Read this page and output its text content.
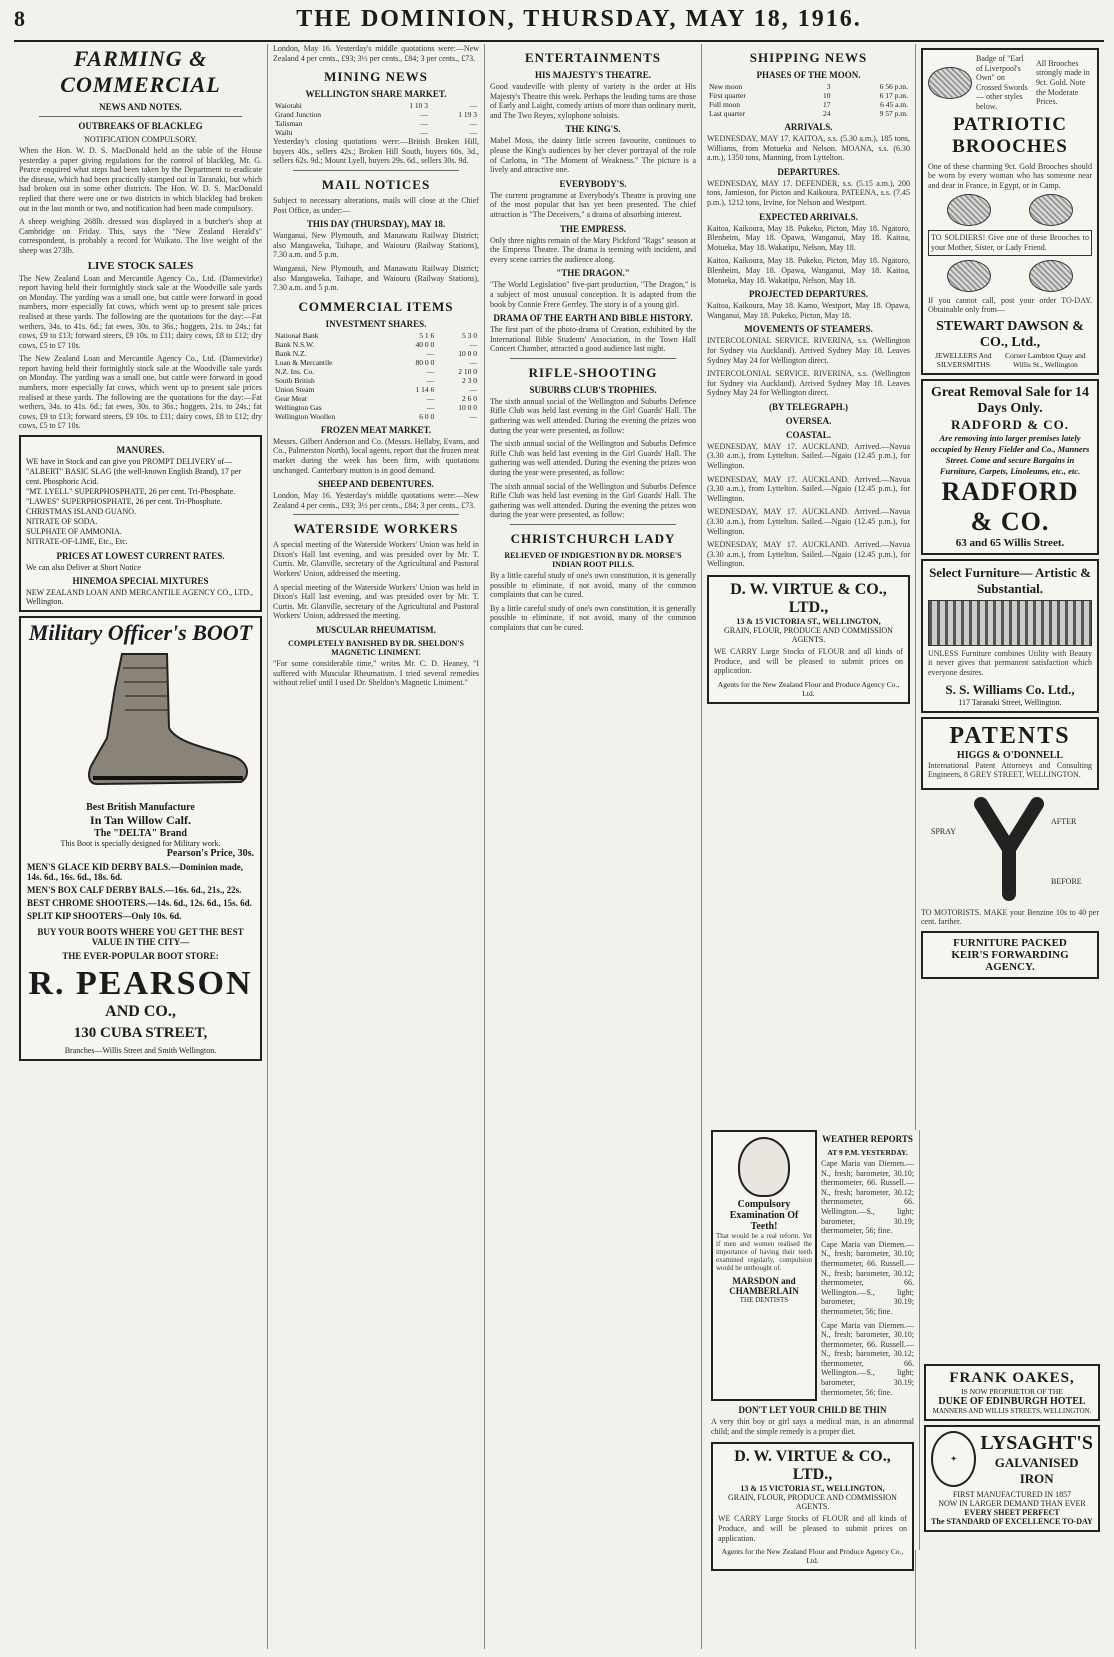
8	THE DOMINION, THURSDAY, MAY 18, 1916.
FARMING & COMMERCIAL
NEWS AND NOTES.
OUTBREAKS OF BLACKLEG
NOTIFICATION COMPULSORY.

When the Hon. W. D. S. MacDonald held an the table of the House yesterday a paper giving regulations for the control of blackleg, Mr. G. Pearce enquired what steps had been taken by the Department to eradicate the disease, which had been practically stamped out in Taranaki, but which had broken out in some other districts. The Hon. W. D. S. MacDonald replied that there were one or two districts in which blackleg had broken out in the last month or two, and notification had been made compulsory.

A sheep weighing 268lb. dressed was displayed in a butcher's shop at Cambridge on Friday. This, says the "New Zealand Herald's" correspondent, is probably a record for Waikato. The live weight of the sheep was 273lb.

LIVE STOCK SALES

The New Zealand Loan and Mercantile Agency Co., Ltd. (Dannevirke) report having held their fortnightly stock sale at the Woodville sale yards on Monday. The yarding was a small one, but cattle were forward in good numbers, more especially fat cows, which went up to present sale prices realised at these yards. The following are the quotations for the day:—Fat wethers, 34s. to 41s. 6d.; fat ewes, 30s. to 36s.; hoggets, 21s. to 24s.; fat cows, £9 to £13; forward steers, £9 10s. to £11; dairy cows, £8 to £12; dry cows, £5 to £7 10s.

The New Zealand Loan and Mercantile Agency Co., Ltd. (Dannevirke) report having held their fortnightly stock sale at the Woodville sale yards on Monday. The yarding was a small one, but cattle were forward in good numbers, more especially fat cows, which went up to present sale prices realised at these yards. The following are the quotations for the day:—Fat wethers, 34s. to 41s. 6d.; fat ewes, 30s. to 36s.; hoggets, 21s. to 24s.; fat cows, £9 to £13; forward steers, £9 10s. to £11; dairy cows, £8 to £12; dry cows, £5 to £7 10s.

MANURES.
WE have in Stock and can give you PROMPT DELIVERY of—
"ALBERT" BASIC SLAG (the well-known English Brand), 17 per cent. Phosphoric Acid.
"MT. LYELL" SUPERPHOSPHATE, 26 per cent. Tri-Phosphate.
"LAWES" SUPERPHOSPHATE, 26 per cent. Tri-Phosphate.
CHRISTMAS ISLAND GUANO.
NITRATE OF SODA.
SULPHATE OF AMMONIA.
NITRATE-OF-LIME, Etc., Etc.
PRICES AT LOWEST CURRENT RATES.
We can also Deliver at Short Notice
HINEMOA SPECIAL MIXTURES
NEW ZEALAND LOAN AND MERCANTILE AGENCY CO., LTD., Wellington.
Military Officer's BOOT
Best British Manufacture
In Tan Willow Calf.
The "DELTA" Brand
This Boot is specially designed for Military work.
Pearson's Price, 30s.
MEN'S GLACE KID DERBY BALS.—Dominion made, 14s. 6d., 16s. 6d., 18s. 6d.
MEN'S BOX CALF DERBY BALS.—16s. 6d., 21s., 22s.
BEST CHROME SHOOTERS.—14s. 6d., 12s. 6d., 15s. 6d.
SPLIT KIP SHOOTERS—Only 10s. 6d.
BUY YOUR BOOTS WHERE YOU GET THE BEST VALUE IN THE CITY—
THE EVER-POPULAR BOOT STORE:
R. PEARSON
AND CO.,
130 CUBA STREET,
Branches—Willis Street and Smith Wellington.

London, May 16. Yesterday's middle quotations were:—New Zealand 4 per cents., £93; 3½ per cents., £84; 3 per cents., £73.

MINING NEWS
WELLINGTON SHARE MARKET.
Waiotahi	1 10 3	—
Grand Junction	—	1 19 3
Talisman	—	—
Waihi	—	—

Yesterday's closing quotations were:—British Broken Hill, buyers 40s., sellers 42s.; Broken Hill South, buyers 60s. 3d., sellers 62s. 9d.; Mount Lyell, buyers 29s. 6d., sellers 30s. 9d.

MAIL NOTICES

Subject to necessary alterations, mails will close at the Chief Post Office, as under:—

THIS DAY (THURSDAY), MAY 18.

Wanganui, New Plymouth, and Manawatu Railway District; also Mangaweka, Taihape, and Waiouru (Railway Stations), 7.30 a.m. and 5 p.m.

Wanganui, New Plymouth, and Manawatu Railway District; also Mangaweka, Taihape, and Waiouru (Railway Stations), 7.30 a.m. and 5 p.m.

COMMERCIAL ITEMS
INVESTMENT SHARES.
National Bank	5 1 6	5 3 0
Bank N.S.W.	40 0 0	—
Bank N.Z.	—	10 0 0
Loan & Mercantile	80 0 0	—
N.Z. Ins. Co.	—	2 10 0
South British	—	2 3 0
Union Steam	1 14 6	—
Gear Meat	—	2 6 0
Wellington Gas	—	10 0 0
Wellington Woollen	6 0 0	—
FROZEN MEAT MARKET.

Messrs. Gilbert Anderson and Co. (Messrs. Hellaby, Evans, and Co., Palmerston North), local agents, report that the frozen meat market during the week has been firm, with quotations unchanged. Canterbury mutton is in good demand.

SHEEP AND DEBENTURES.

London, May 16. Yesterday's middle quotations were:—New Zealand 4 per cents., £93; 3½ per cents., £84; 3 per cents., £73.

WATERSIDE WORKERS

A special meeting of the Waterside Workers' Union was held in Dixon's Hall last evening, and was presided over by Mr. T. Curtis. Mr. Glanville, secretary of the Agricultural and Pastoral Workers' Union, addressed the meeting.

A special meeting of the Waterside Workers' Union was held in Dixon's Hall last evening, and was presided over by Mr. T. Curtis. Mr. Glanville, secretary of the Agricultural and Pastoral Workers' Union, addressed the meeting.

MUSCULAR RHEUMATISM.
COMPLETELY BANISHED BY DR. SHELDON'S MAGNETIC LINIMENT.

"For some considerable time," writes Mr. C. D. Heaney, "I suffered with Muscular Rheumatism. I tried several remedies without relief until I used Dr. Sheldon's Magnetic Liniment."

ENTERTAINMENTS
HIS MAJESTY'S THEATRE.

Good vaudeville with plenty of variety is the order at His Majesty's Theatre this week. Perhaps the leading turns are those of Early and Laight, comedy artists of more than ordinary merit, and The Two Reyes, xylophone soloists.

THE KING'S.

Mabel Moss, the dainty little screen favourite, continues to please the King's audiences by her clever portrayal of the role of Carlotta, in "The Moment of Weakness." The picture is a lively and attractive one.

EVERYBODY'S.

The current programme at Everybody's Theatre is proving one of the most popular that has yet been presented. The chief attraction is "The Deceivers," a drama of absorbing interest.

THE EMPRESS.

Only three nights remain of the Mary Pickford "Rags" season at the Empress Theatre. The drama is teeming with incident, and every scene carries the audience along.

"THE DRAGON."

"The World Legislation" five-part production, "The Dragon," is a subject of most unusual conception. It is adapted from the book by Connie Frere Gerrley. The story is of a young girl.

DRAMA OF THE EARTH AND BIBLE HISTORY.

The first part of the photo-drama of Creation, exhibited by the International Bible Students' Association, in the Town Hall Concert Chamber, attracted a good audience last night.

RIFLE-SHOOTING
SUBURBS CLUB'S TROPHIES.

The sixth annual social of the Wellington and Suburbs Defence Rifle Club was held last evening in the Girl Guards' Hall. The gathering was well attended. During the evening the prizes won during the year were presented, as follow:

The sixth annual social of the Wellington and Suburbs Defence Rifle Club was held last evening in the Girl Guards' Hall. The gathering was well attended. During the evening the prizes won during the year were presented, as follow:

The sixth annual social of the Wellington and Suburbs Defence Rifle Club was held last evening in the Girl Guards' Hall. The gathering was well attended. During the evening the prizes won during the year were presented, as follow:

CHRISTCHURCH LADY
RELIEVED OF INDIGESTION BY DR. MORSE'S INDIAN ROOT PILLS.

By a little careful study of one's own constitution, it is generally possible to eliminate, if not avoid, many of the common complaints that can be cured.

By a little careful study of one's own constitution, it is generally possible to eliminate, if not avoid, many of the common complaints that can be cured.

SHIPPING NEWS
PHASES OF THE MOON.
New moon	3	6 56 p.m.
First quarter	10	6 17 p.m.
Full moon	17	6 45 a.m.
Last quarter	24	9 57 p.m.
ARRIVALS.

WEDNESDAY, MAY 17. KAITOA, s.s. (5.30 a.m.), 185 tons, Williams, from Motueka and Nelson. MOANA, s.s. (6.30 a.m.), 1350 tons, Manning, from Lyttelton.

DEPARTURES.

WEDNESDAY, MAY 17. DEFENDER, s.s. (5.15 a.m.), 200 tons, Jamieson, for Picton and Kaikoura. PATEENA, s.s. (7.45 p.m.), 1212 tons, Irvine, for Nelson and Westport.

EXPECTED ARRIVALS.

Kaitoa, Kaikoura, May 18. Pukeko, Picton, May 18. Ngatoro, Blenheim, May 18. Opawa, Wanganui, May 18. Kaitoa, Motueka, May 18. Wakatipu, Nelson, May 18.

Kaitoa, Kaikoura, May 18. Pukeko, Picton, May 18. Ngatoro, Blenheim, May 18. Opawa, Wanganui, May 18. Kaitoa, Motueka, May 18. Wakatipu, Nelson, May 18.

PROJECTED DEPARTURES.

Kaitoa, Kaikoura, May 18. Kamo, Westport, May 18. Opawa, Wanganui, May 18. Pukeko, Picton, May 18.

MOVEMENTS OF STEAMERS.

INTERCOLONIAL SERVICE. RIVERINA, s.s. (Wellington for Sydney via Auckland). Arrived Sydney May 18. Leaves Sydney May 24 for Wellington direct.

INTERCOLONIAL SERVICE. RIVERINA, s.s. (Wellington for Sydney via Auckland). Arrived Sydney May 18. Leaves Sydney May 24 for Wellington direct.

(BY TELEGRAPH.)
OVERSEA.
COASTAL.

WEDNESDAY, MAY 17. AUCKLAND. Arrived.—Navua (3.30 a.m.), from Lyttelton. Sailed.—Ngaio (12.45 p.m.), for Wellington.

WEDNESDAY, MAY 17. AUCKLAND. Arrived.—Navua (3.30 a.m.), from Lyttelton. Sailed.—Ngaio (12.45 p.m.), for Wellington.

WEDNESDAY, MAY 17. AUCKLAND. Arrived.—Navua (3.30 a.m.), from Lyttelton. Sailed.—Ngaio (12.45 p.m.), for Wellington.

WEDNESDAY, MAY 17. AUCKLAND. Arrived.—Navua (3.30 a.m.), from Lyttelton. Sailed.—Ngaio (12.45 p.m.), for Wellington.

D. W. VIRTUE & CO., LTD.,
13 & 15 VICTORIA ST., WELLINGTON,
GRAIN, FLOUR, PRODUCE AND COMMISSION AGENTS.

WE CARRY Large Stocks of FLOUR and all kinds of Produce, and will be pleased to submit prices on application.

Agents for the New Zealand Flour and Produce Agency Co., Ltd.
Badge of "Earl of Liverpool's Own" on Crossed Swords — other styles below.
All Brooches strongly made in 9ct. Gold. Note the Moderate Prices.
PATRIOTIC BROOCHES

One of these charming 9ct. Gold Brooches should be worn by every woman who has someone near and dear in France, in Egypt, or in Camp.

TO SOLDIERS! Give one of these Brooches to your Mother, Sister, or Lady Friend.
If you cannot call, post your order TO-DAY. Obtainable only from—
STEWART DAWSON & CO., Ltd.,
JEWELLERS And SILVERSMITHS
Corner Lambton Quay and Willis St., Wellington
Great Removal Sale for 14 Days Only.
RADFORD & CO.
Are removing into larger premises lately occupied by Henry Fielder and Co., Manners Street. Come and secure Bargains in Furniture, Carpets, Linoleums, etc., etc.
RADFORD & CO.
63 and 65 Willis Street.
Select Furniture— Artistic & Substantial.

UNLESS Furniture combines Utility with Beauty it never gives that permanent satisfaction which everyone desires.

S. S. Williams Co. Ltd.,
117 Taranaki Street, Wellington.
PATENTS
HIGGS & O'DONNELL

International Patent Attorneys and Consulting Engineers, 8 GREY STREET, WELLINGTON.

SPRAY
AFTER
BEFORE

TO MOTORISTS. MAKE your Benzine 10s to 40 per cent. farther.

FURNITURE PACKED
KEIR'S FORWARDING AGENCY.
Compulsory Examination Of Teeth!

That would be a real reform. Yet if men and women realised the importance of having their teeth examined regularly, compulsion would be unthought of.

MARSDON and CHAMBERLAIN
THE DENTISTS
WEATHER REPORTS
AT 9 P.M. YESTERDAY.

Cape Maria van Diemen.—N., fresh; barometer, 30.10; thermometer, 66. Russell.—N., fresh; barometer, 30.12; thermometer, 66. Wellington.—S., light; barometer, 30.19; thermometer, 56; fine.

Cape Maria van Diemen.—N., fresh; barometer, 30.10; thermometer, 66. Russell.—N., fresh; barometer, 30.12; thermometer, 66. Wellington.—S., light; barometer, 30.19; thermometer, 56; fine.

Cape Maria van Diemen.—N., fresh; barometer, 30.10; thermometer, 66. Russell.—N., fresh; barometer, 30.12; thermometer, 66. Wellington.—S., light; barometer, 30.19; thermometer, 56; fine.

DON'T LET YOUR CHILD BE THIN

A very thin boy or girl says a medical man, is an abnormal child; and the simple remedy is a proper diet.

D. W. VIRTUE & CO., LTD.,
13 & 15 VICTORIA ST., WELLINGTON,
GRAIN, FLOUR, PRODUCE AND COMMISSION AGENTS.

WE CARRY Large Stocks of FLOUR and all kinds of Produce, and will be pleased to submit prices on application.

Agents for the New Zealand Flour and Produce Agency Co., Ltd.
FRANK OAKES,
IS NOW PROPRIETOR OF THE
DUKE OF EDINBURGH HOTEL
MANNERS AND WILLIS STREETS, WELLINGTON.
✦
LYSAGHT'S
GALVANISED
IRON
FIRST MANUFACTURED IN 1857
NOW IN LARGER DEMAND THAN EVER
EVERY SHEET PERFECT
The STANDARD OF EXCELLENCE TO-DAY
